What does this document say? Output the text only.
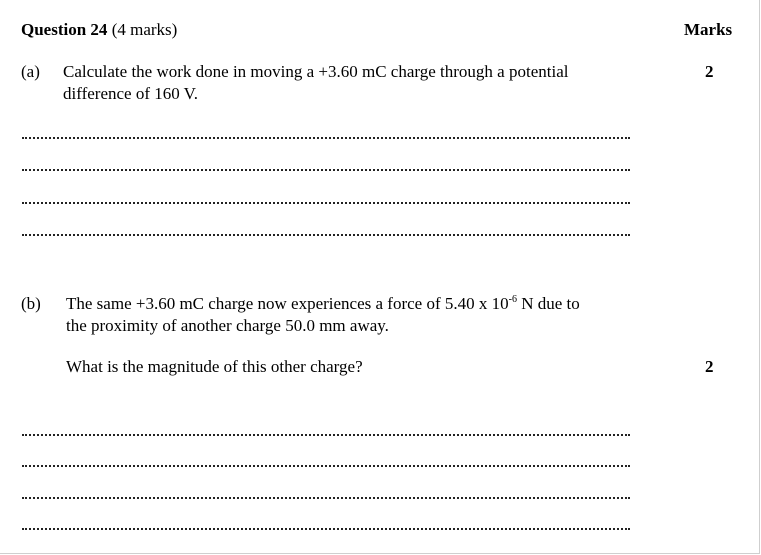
Question 24 (4 marks)	Marks
(a) Calculate the work done in moving a +3.60 mC charge through a potential
difference of 160 V.
2
(b) The same +3.60 mC charge now experiences a force of 5.40 x $10^{-6}$ N due to
the proximity of another charge 50.0 mm away.
What is the magnitude of this other charge?	2
